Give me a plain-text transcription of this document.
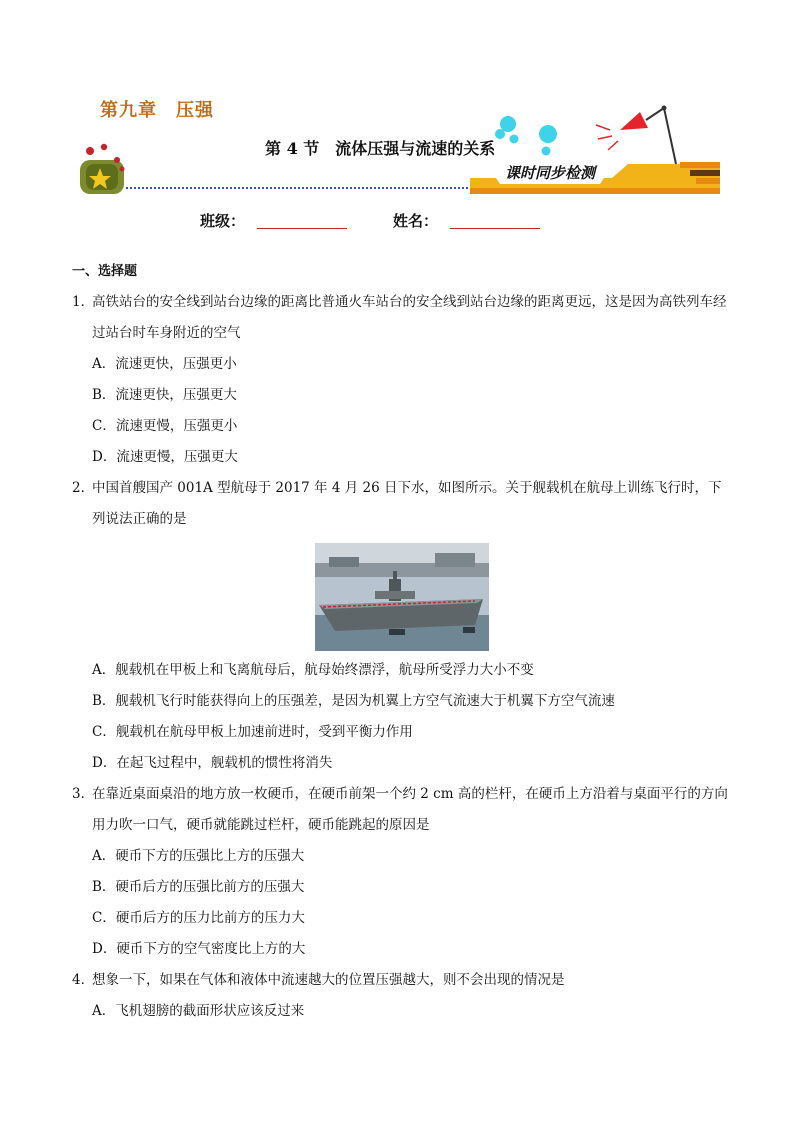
第九章　压强
第 4 节　流体压强与流速的关系
课时同步检测
班级：	姓名：
一、选择题
1．
高铁站台的安全线到站台边缘的距离比普通火车站台的安全线到站台边缘的距离更远，这是因为高铁列车经过站台时车身附近的空气
A．流速更快，压强更小
B．流速更快，压强更大
C．流速更慢，压强更小
D．流速更慢，压强更大
2．
中国首艘国产 001A 型航母于 2017 年 4 月 26 日下水，如图所示。关于舰载机在航母上训练飞行时，下列说法正确的是
A．舰载机在甲板上和飞离航母后，航母始终漂浮，航母所受浮力大小不变
B．舰载机飞行时能获得向上的压强差，是因为机翼上方空气流速大于机翼下方空气流速
C．舰载机在航母甲板上加速前进时，受到平衡力作用
D．在起飞过程中，舰载机的惯性将消失
3．
在靠近桌面桌沿的地方放一枚硬币，在硬币前架一个约 2 cm 高的栏杆，在硬币上方沿着与桌面平行的方向用力吹一口气，硬币就能跳过栏杆，硬币能跳起的原因是
A．硬币下方的压强比上方的压强大
B．硬币后方的压强比前方的压强大
C．硬币后方的压力比前方的压力大
D．硬币下方的空气密度比上方的大
4．
想象一下，如果在气体和液体中流速越大的位置压强越大，则不会出现的情况是
A．飞机翅膀的截面形状应该反过来
